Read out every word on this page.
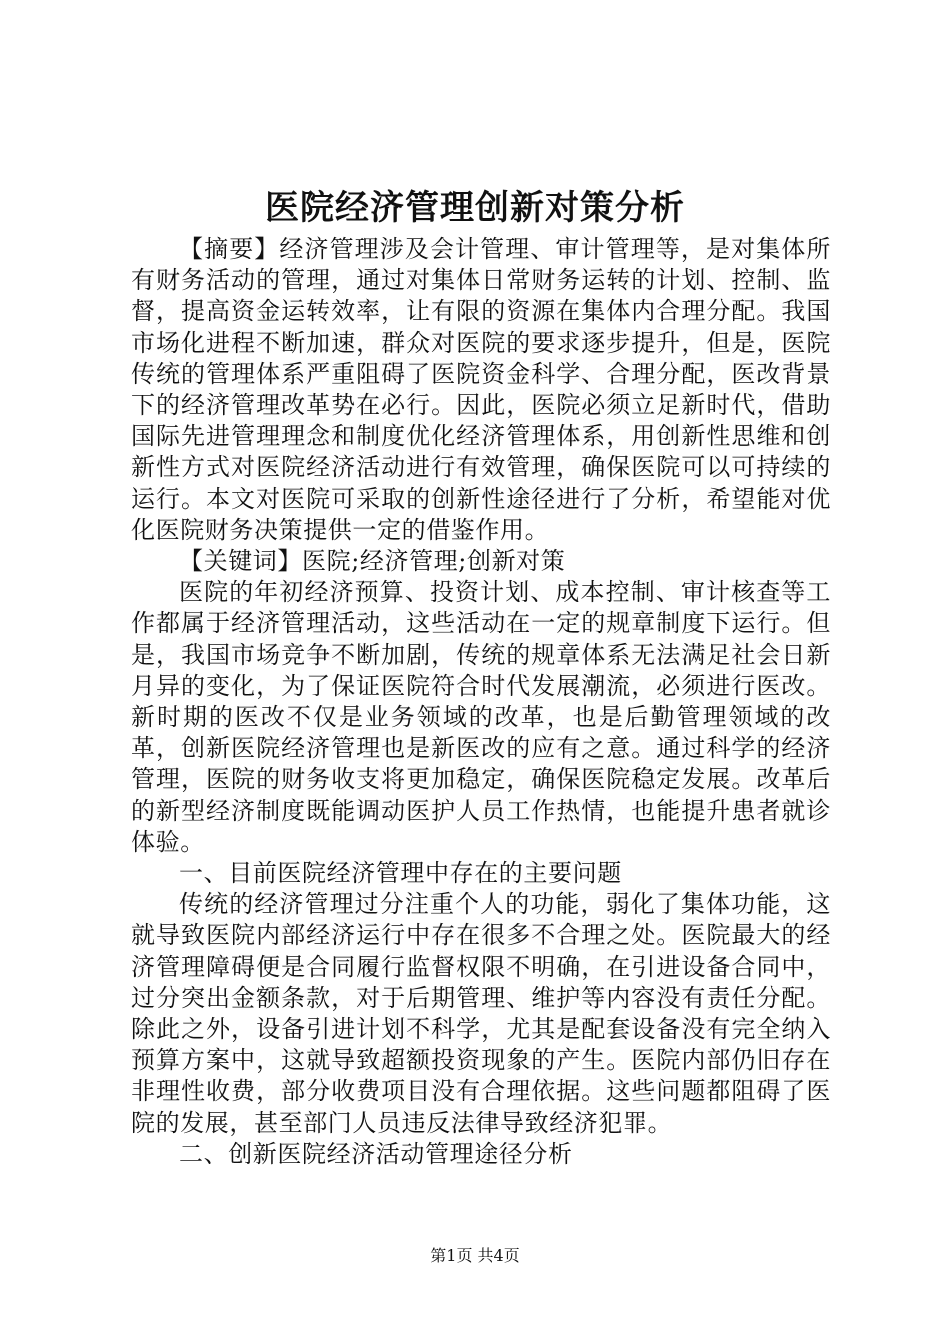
医院经济管理创新对策分析

【摘要】经济管理涉及会计管理、审计管理等，是对集体所有财务活动的管理，通过对集体日常财务运转的计划、控制、监督，提高资金运转效率，让有限的资源在集体内合理分配。我国市场化进程不断加速，群众对医院的要求逐步提升，但是，医院传统的管理体系严重阻碍了医院资金科学、合理分配，医改背景下的经济管理改革势在必行。因此，医院必须立足新时代，借助国际先进管理理念和制度优化经济管理体系，用创新性思维和创新性方式对医院经济活动进行有效管理，确保医院可以可持续的运行。本文对医院可采取的创新性途径进行了分析，希望能对优化医院财务决策提供一定的借鉴作用。

【关键词】医院;经济管理;创新对策

医院的年初经济预算、投资计划、成本控制、审计核查等工作都属于经济管理活动，这些活动在一定的规章制度下运行。但是，我国市场竞争不断加剧，传统的规章体系无法满足社会日新月异的变化，为了保证医院符合时代发展潮流，必须进行医改。新时期的医改不仅是业务领域的改革，也是后勤管理领域的改革，创新医院经济管理也是新医改的应有之意。通过科学的经济管理，医院的财务收支将更加稳定，确保医院稳定发展。改革后的新型经济制度既能调动医护人员工作热情，也能提升患者就诊体验。

一、目前医院经济管理中存在的主要问题

传统的经济管理过分注重个人的功能，弱化了集体功能，这就导致医院内部经济运行中存在很多不合理之处。医院最大的经济管理障碍便是合同履行监督权限不明确，在引进设备合同中，过分突出金额条款，对于后期管理、维护等内容没有责任分配。除此之外，设备引进计划不科学，尤其是配套设备没有完全纳入预算方案中，这就导致超额投资现象的产生。医院内部仍旧存在非理性收费，部分收费项目没有合理依据。这些问题都阻碍了医院的发展，甚至部门人员违反法律导致经济犯罪。

二、创新医院经济活动管理途径分析

第1页 共4页
